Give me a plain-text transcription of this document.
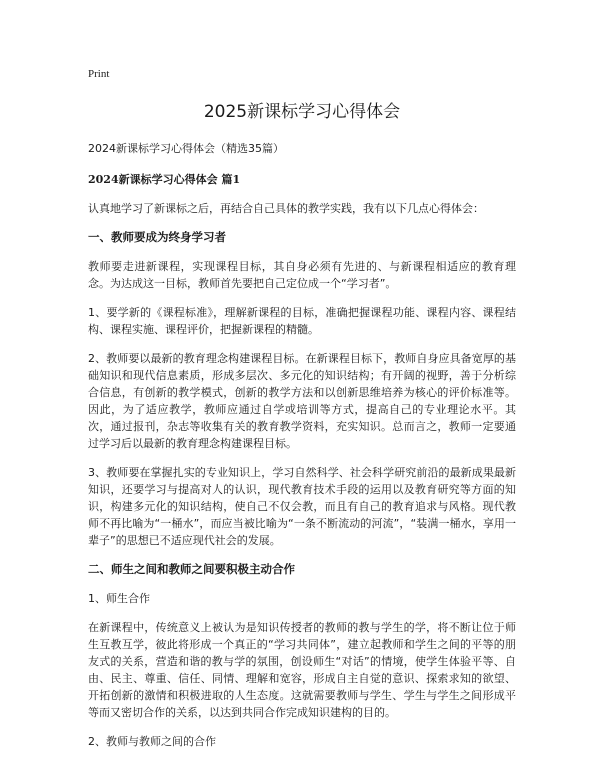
Print
2025新课标学习心得体会

2024新课标学习心得体会（精选35篇）

2024新课标学习心得体会 篇1

认真地学习了新课标之后，再结合自己具体的教学实践，我有以下几点心得体会：

一、教师要成为终身学习者

教师要走进新课程，实现课程目标，其自身必须有先进的、与新课程相适应的教育理念。为达成这一目标，教师首先要把自己定位成一个“学习者”。

1、要学新的《课程标准》，理解新课程的目标，准确把握课程功能、课程内容、课程结构、课程实施、课程评价，把握新课程的精髓。

2、教师要以最新的教育理念构建课程目标。在新课程目标下，教师自身应具备宽厚的基础知识和现代信息素质，形成多层次、多元化的知识结构；有开阔的视野，善于分析综合信息，有创新的教学模式，创新的教学方法和以创新思维培养为核心的评价标准等。因此，为了适应教学，教师应通过自学或培训等方式，提高自己的专业理论水平。其次，通过报刊，杂志等收集有关的教育教学资料，充实知识。总而言之，教师一定要通过学习后以最新的教育理念构建课程目标。

3、教师要在掌握扎实的专业知识上，学习自然科学、社会科学研究前沿的最新成果最新知识，还要学习与提高对人的认识，现代教育技术手段的运用以及教育研究等方面的知识，构建多元化的知识结构，使自己不仅会教，而且有自己的教育追求与风格。现代教师不再比喻为“一桶水”，而应当被比喻为“一条不断流动的河流”，“装满一桶水，享用一辈子”的思想已不适应现代社会的发展。

二、师生之间和教师之间要积极主动合作

1、师生合作

在新课程中，传统意义上被认为是知识传授者的教师的教与学生的学，将不断让位于师生互教互学，彼此将形成一个真正的“学习共同体”，建立起教师和学生之间的平等的朋友式的关系，营造和谐的教与学的氛围，创设师生“对话”的情境，使学生体验平等、自由、民主、尊重、信任、同情、理解和宽容，形成自主自觉的意识、探索求知的欲望、开拓创新的激情和积极进取的人生态度。这就需要教师与学生、学生与学生之间形成平等而又密切合作的关系，以达到共同合作完成知识建构的目的。

2、教师与教师之间的合作
